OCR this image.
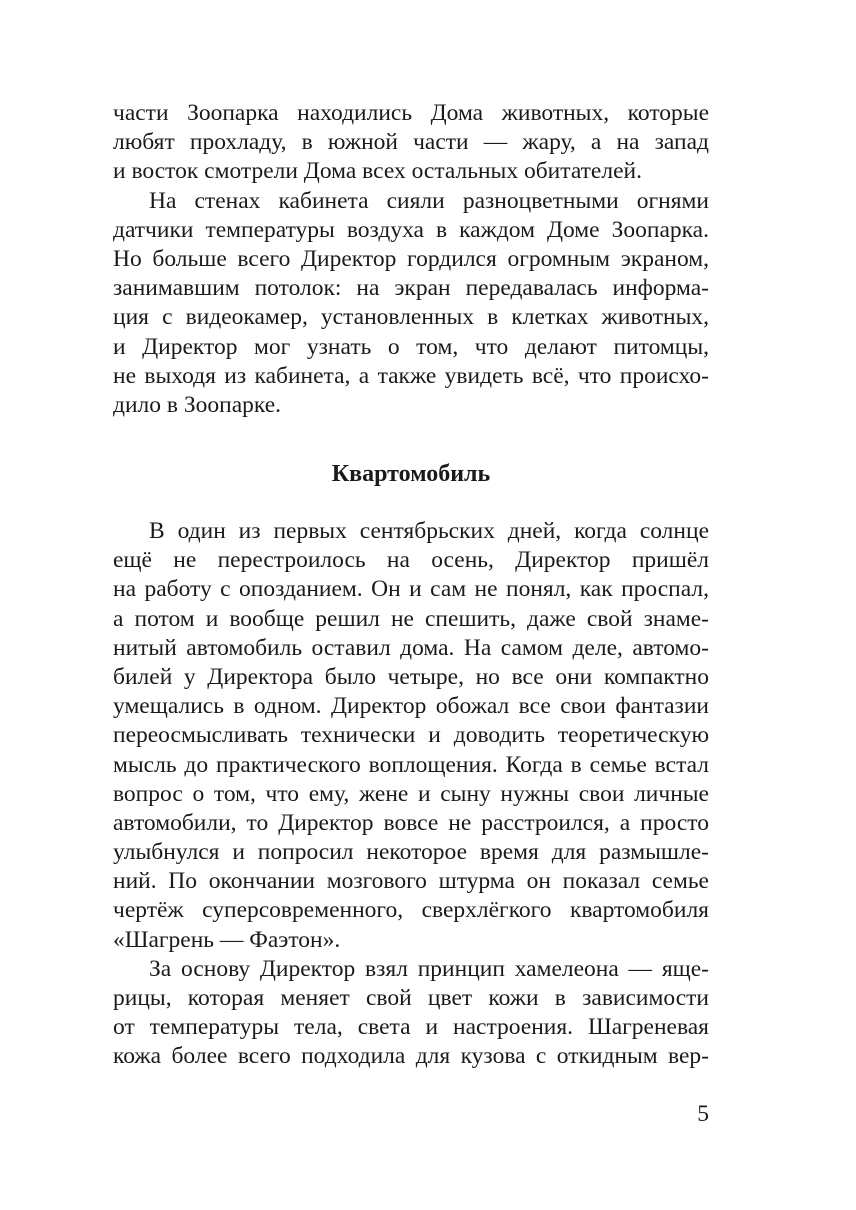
части Зоопарка находились Дома животных, которые
любят прохладу, в южной части — жару, а на запад
и восток смотрели Дома всех остальных обитателей.
На стенах кабинета сияли разноцветными огнями
датчики температуры воздуха в каждом Доме Зоопарка.
Но больше всего Директор гордился огромным экраном,
занимавшим потолок: на экран передавалась информа-
ция с видеокамер, установленных в клетках животных,
и Директор мог узнать о том, что делают питомцы,
не выходя из кабинета, а также увидеть всё, что происхо-
дило в Зоопарке.
Квартомобиль
В один из первых сентябрьских дней, когда солнце
ещё не перестроилось на осень, Директор пришёл
на работу с опозданием. Он и сам не понял, как проспал,
а потом и вообще решил не спешить, даже свой знаме-
нитый автомобиль оставил дома. На самом деле, автомо-
билей у Директора было четыре, но все они компактно
умещались в одном. Директор обожал все свои фантазии
переосмысливать технически и доводить теоретическую
мысль до практического воплощения. Когда в семье встал
вопрос о том, что ему, жене и сыну нужны свои личные
автомобили, то Директор вовсе не расстроился, а просто
улыбнулся и попросил некоторое время для размышле-
ний. По окончании мозгового штурма он показал семье
чертёж суперсовременного, сверхлёгкого квартомобиля
«Шагрень — Фаэтон».
За основу Директор взял принцип хамелеона — яще-
рицы, которая меняет свой цвет кожи в зависимости
от температуры тела, света и настроения. Шагреневая
кожа более всего подходила для кузова с откидным вер-
5
